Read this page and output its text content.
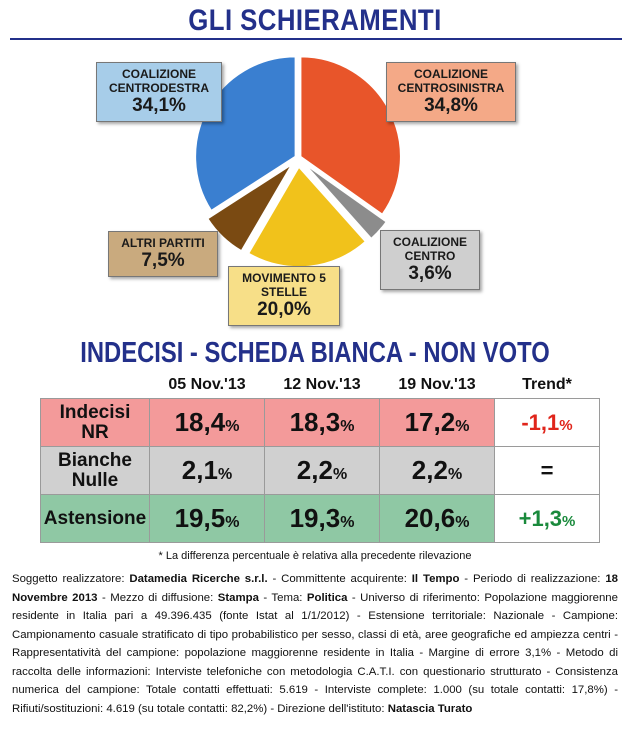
GLI SCHIERAMENTI
COALIZIONE CENTROSINISTRA
34,8%
COALIZIONE CENTRO
3,6%
MOVIMENTO 5 STELLE
20,0%
ALTRI PARTITI
7,5%
COALIZIONE CENTRODESTRA
34,1%
INDECISI - SCHEDA BIANCA - NON VOTO
	05 Nov.'13	12 Nov.'13	19 Nov.'13	Trend*
Indecisi
NR	18,4%	18,3%	17,2%	-1,1%
Bianche
Nulle	2,1%	2,2%	2,2%	=
Astensione	19,5%	19,3%	20,6%	+1,3%
* La differenza percentuale è relativa alla precedente rilevazione
Soggetto realizzatore: Datamedia Ricerche s.r.l. - Committente acquirente: Il Tempo - Periodo di realizzazione: 18 Novembre 2013 - Mezzo di diffusione: Stampa - Tema: Politica - Universo di riferimento: Popolazione maggiorenne residente in Italia pari a 49.396.435 (fonte Istat al 1/1/2012) - Estensione territoriale: Nazionale - Campione: Campionamento casuale stratificato di tipo probabilistico per sesso, classi di età, aree geografiche ed ampiezza centri - Rappresentatività del campione: popolazione maggiorenne residente in Italia - Margine di errore 3,1% - Metodo di raccolta delle informazioni: Interviste telefoniche con metodologia C.A.T.I. con questionario strutturato - Consistenza numerica del campione: Totale contatti effettuati: 5.619 - Interviste complete: 1.000 (su totale contatti: 17,8%) - Rifiuti/sostituzioni: 4.619 (su totale contatti: 82,2%) - Direzione dell'istituto: Natascia Turato
